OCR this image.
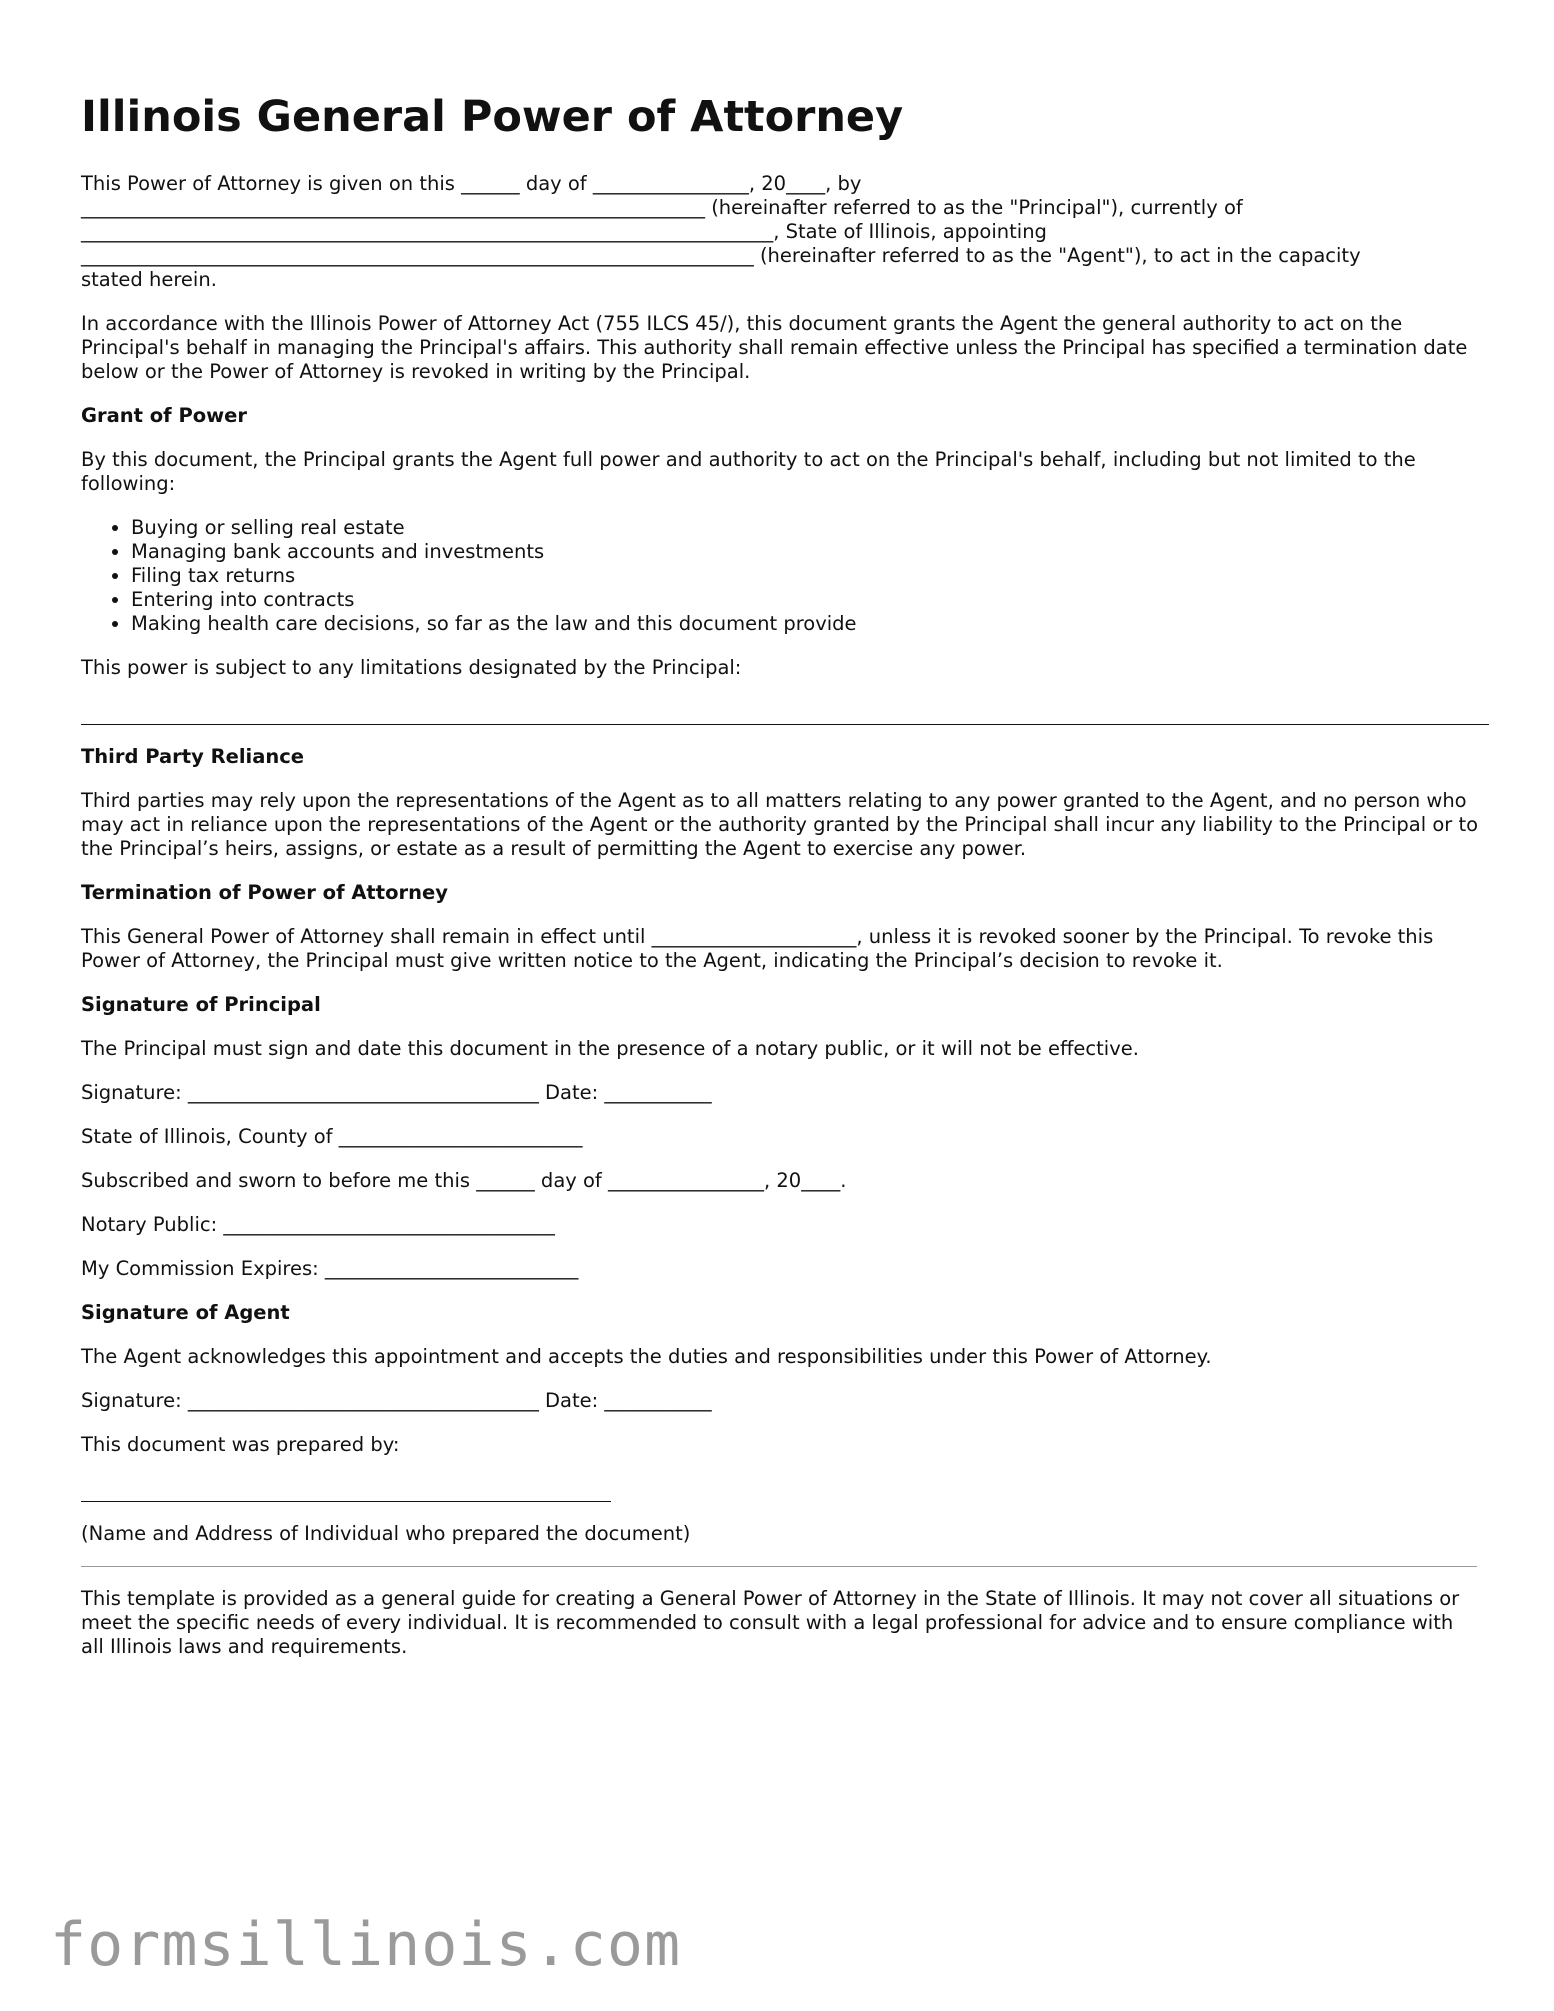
Illinois General Power of Attorney

This Power of Attorney is given on this ______ day of ________________, 20____, by
________________________________________________________________ (hereinafter referred to as the "Principal"), currently of
_______________________________________________________________________, State of Illinois, appointing
_____________________________________________________________________ (hereinafter referred to as the "Agent"), to act in the capacity
stated herein.

In accordance with the Illinois Power of Attorney Act (755 ILCS 45/), this document grants the Agent the general authority to act on the Principal's behalf in managing the Principal's affairs. This authority shall remain effective unless the Principal has specified a termination date below or the Power of Attorney is revoked in writing by the Principal.

Grant of Power

By this document, the Principal grants the Agent full power and authority to act on the Principal's behalf, including but not limited to the following:

• Buying or selling real estate
• Managing bank accounts and investments
• Filing tax returns
• Entering into contracts
• Making health care decisions, so far as the law and this document provide

This power is subject to any limitations designated by the Principal:

Third Party Reliance

Third parties may rely upon the representations of the Agent as to all matters relating to any power granted to the Agent, and no person who may act in reliance upon the representations of the Agent or the authority granted by the Principal shall incur any liability to the Principal or to the Principal’s heirs, assigns, or estate as a result of permitting the Agent to exercise any power.

Termination of Power of Attorney

This General Power of Attorney shall remain in effect until _____________________, unless it is revoked sooner by the Principal. To revoke this Power of Attorney, the Principal must give written notice to the Agent, indicating the Principal’s decision to revoke it.

Signature of Principal

The Principal must sign and date this document in the presence of a notary public, or it will not be effective.

Signature: ____________________________________ Date: ___________

State of Illinois, County of _________________________

Subscribed and sworn to before me this ______ day of ________________, 20____.

Notary Public: __________________________________

My Commission Expires: __________________________

Signature of Agent

The Agent acknowledges this appointment and accepts the duties and responsibilities under this Power of Attorney.

Signature: ____________________________________ Date: ___________

This document was prepared by:

(Name and Address of Individual who prepared the document)

This template is provided as a general guide for creating a General Power of Attorney in the State of Illinois. It may not cover all situations or meet the specific needs of every individual. It is recommended to consult with a legal professional for advice and to ensure compliance with all Illinois laws and requirements.

formsillinois.com
